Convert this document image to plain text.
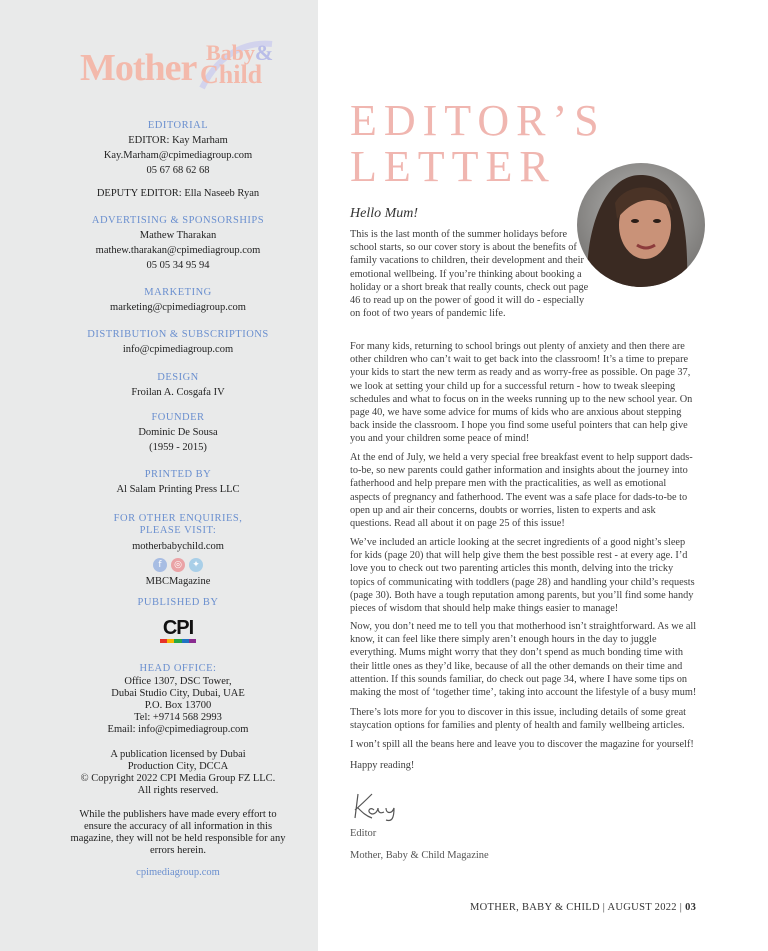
Mother Baby&
Child
EDITORIAL
EDITOR: Kay Marham
Kay.Marham@cpimediagroup.com
05 67 68 62 68
DEPUTY EDITOR: Ella Naseeb Ryan
ADVERTISING & SPONSORSHIPS
Mathew Tharakan
mathew.tharakan@cpimediagroup.com
05 05 34 95 94
MARKETING
marketing@cpimediagroup.com
DISTRIBUTION & SUBSCRIPTIONS
info@cpimediagroup.com
DESIGN
Froilan A. Cosgafa IV
FOUNDER
Dominic De Sousa
(1959 - 2015)
PRINTED BY
Al Salam Printing Press LLC
FOR OTHER ENQUIRIES,
PLEASE VISIT:
motherbabychild.com
f	◎	✦
MBCMagazine
PUBLISHED BY
CPI
HEAD OFFICE:
Office 1307, DSC Tower,
Dubai Studio City, Dubai, UAE
P.O. Box 13700
Tel: +9714 568 2993
Email: info@cpimediagroup.com
A publication licensed by Dubai
Production City, DCCA
© Copyright 2022 CPI Media Group FZ LLC.
All rights reserved.
While the publishers have made every effort to
ensure the accuracy of all information in this
magazine, they will not be held responsible for any
errors herein.
cpimediagroup.com
EDITOR’S
LETTER
Hello Mum!

This is the last month of the summer holidays before school starts, so our cover story is about the benefits of family vacations to children, their development and their emotional wellbeing. If you’re thinking about booking a holiday or a short break that really counts, check out page 46 to read up on the power of good it will do - especially on foot of two years of pandemic life.

For many kids, returning to school brings out plenty of anxiety and then there are other children who can’t wait to get back into the classroom! It’s a time to prepare your kids to start the new term as ready and as worry-free as possible. On page 37, we look at setting your child up for a successful return - how to tweak sleeping schedules and what to focus on in the weeks running up to the new school year. On page 40, we have some advice for mums of kids who are anxious about stepping back inside the classroom. I hope you find some useful pointers that can help give you and your children some peace of mind!

At the end of July, we held a very special free breakfast event to help support dads-to-be, so new parents could gather information and insights about the journey into fatherhood and help prepare men with the practicalities, as well as emotional aspects of pregnancy and fatherhood. The event was a safe place for dads-to-be to open up and air their concerns, doubts or worries, listen to experts and ask questions. Read all about it on page 25 of this issue!

We’ve included an article looking at the secret ingredients of a good night’s sleep for kids (page 20) that will help give them the best possible rest - at every age. I’d love you to check out two parenting articles this month, delving into the tricky topics of communicating with toddlers (page 28) and handling your child’s requests (page 30). Both have a tough reputation among parents, but you’ll find some handy pieces of wisdom that should help make things easier to manage!

Now, you don’t need me to tell you that motherhood isn’t straightforward. As we all know, it can feel like there simply aren’t enough hours in the day to juggle everything. Mums might worry that they don’t spend as much bonding time with their little ones as they’d like, because of all the other demands on their time and attention. If this sounds familiar, do check out page 34, where I have some tips on making the most of ‘together time’, taking into account the lifestyle of a busy mum!

There’s lots more for you to discover in this issue, including details of some great staycation options for families and plenty of health and family wellbeing articles.

I won’t spill all the beans here and leave you to discover the magazine for yourself!

Happy reading!

Kay
Editor
Mother, Baby & Child Magazine
MOTHER, BABY & CHILD | AUGUST 2022 | 03
